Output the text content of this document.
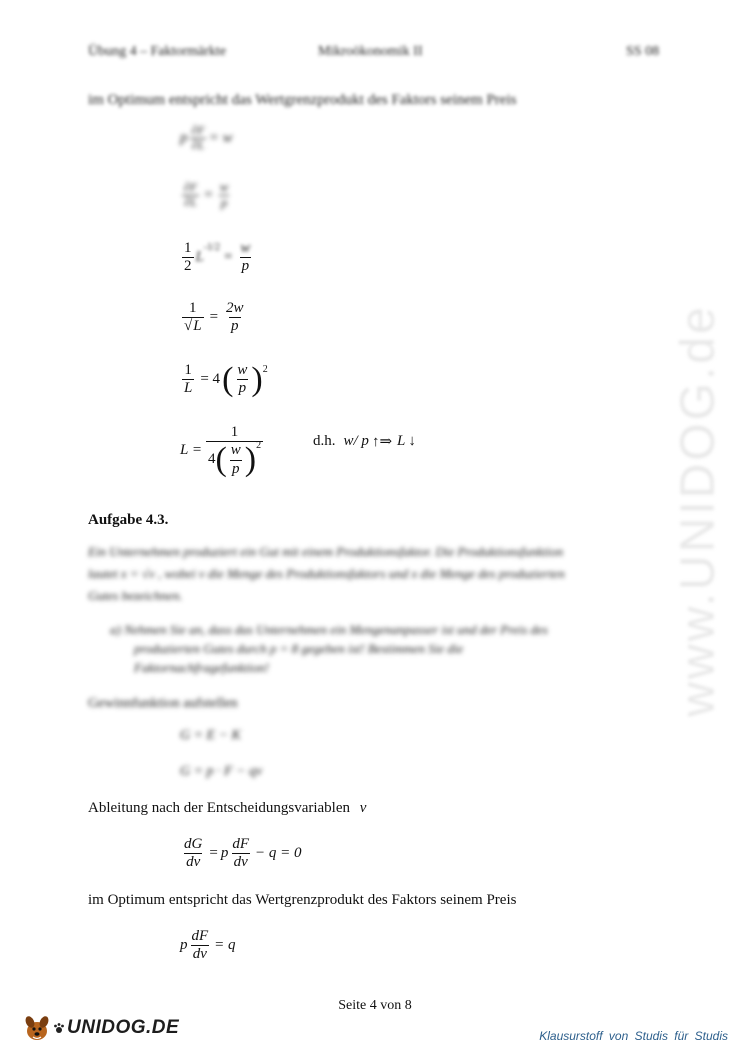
Übung 4 – Faktormärkte	Mikroökonomik II	SS 08
im Optimum entspricht das Wertgrenzprodukt des Faktors seinem Preis
p $\frac{\partial F}{\partial L} = w$
$\frac{\partial F}{\partial L} = \frac{w}{p}$
$\frac{1}{2}$ L
-1/2
= $\frac{w}{p}$
$\frac{1}{√L} = \frac{2w}{p}$
$\frac{1}{L} = 4$ ( $\frac{w}{p}$ ) 2
$L = \frac{1}{4 ( \frac{w}{p} ) 2}$	d.h. w/ p ↑⇒ L ↓
Aufgabe 4.3.
Ein Unternehmen produziert ein Gut mit einem Produktionsfaktor. Die Produktionsfunktion
lautet x = √v , wobei v die Menge des Produktionsfaktors und x die Menge des produzierten
Gutes bezeichnen.
a) Nehmen Sie an, dass das Unternehmen ein Mengenanpasser ist und der Preis des
produzierten Gutes durch p = 8 gegeben ist! Bestimmen Sie die
Faktornachfragefunktion!
Gewinnfunktion aufstellen
G = E − K
G = p · F − qv
Ableitung nach der Entscheidungsvariablen v
$\frac{dG}{dv} = p \frac{dF}{dv} - q = 0$
im Optimum entspricht das Wertgrenzprodukt des Faktors seinem Preis
p $\frac{dF}{dv} = q$
Seite 4 von 8
www.UNIDOG.de
UNIDOG.DE	Klausurstoff von Studis für Studis
